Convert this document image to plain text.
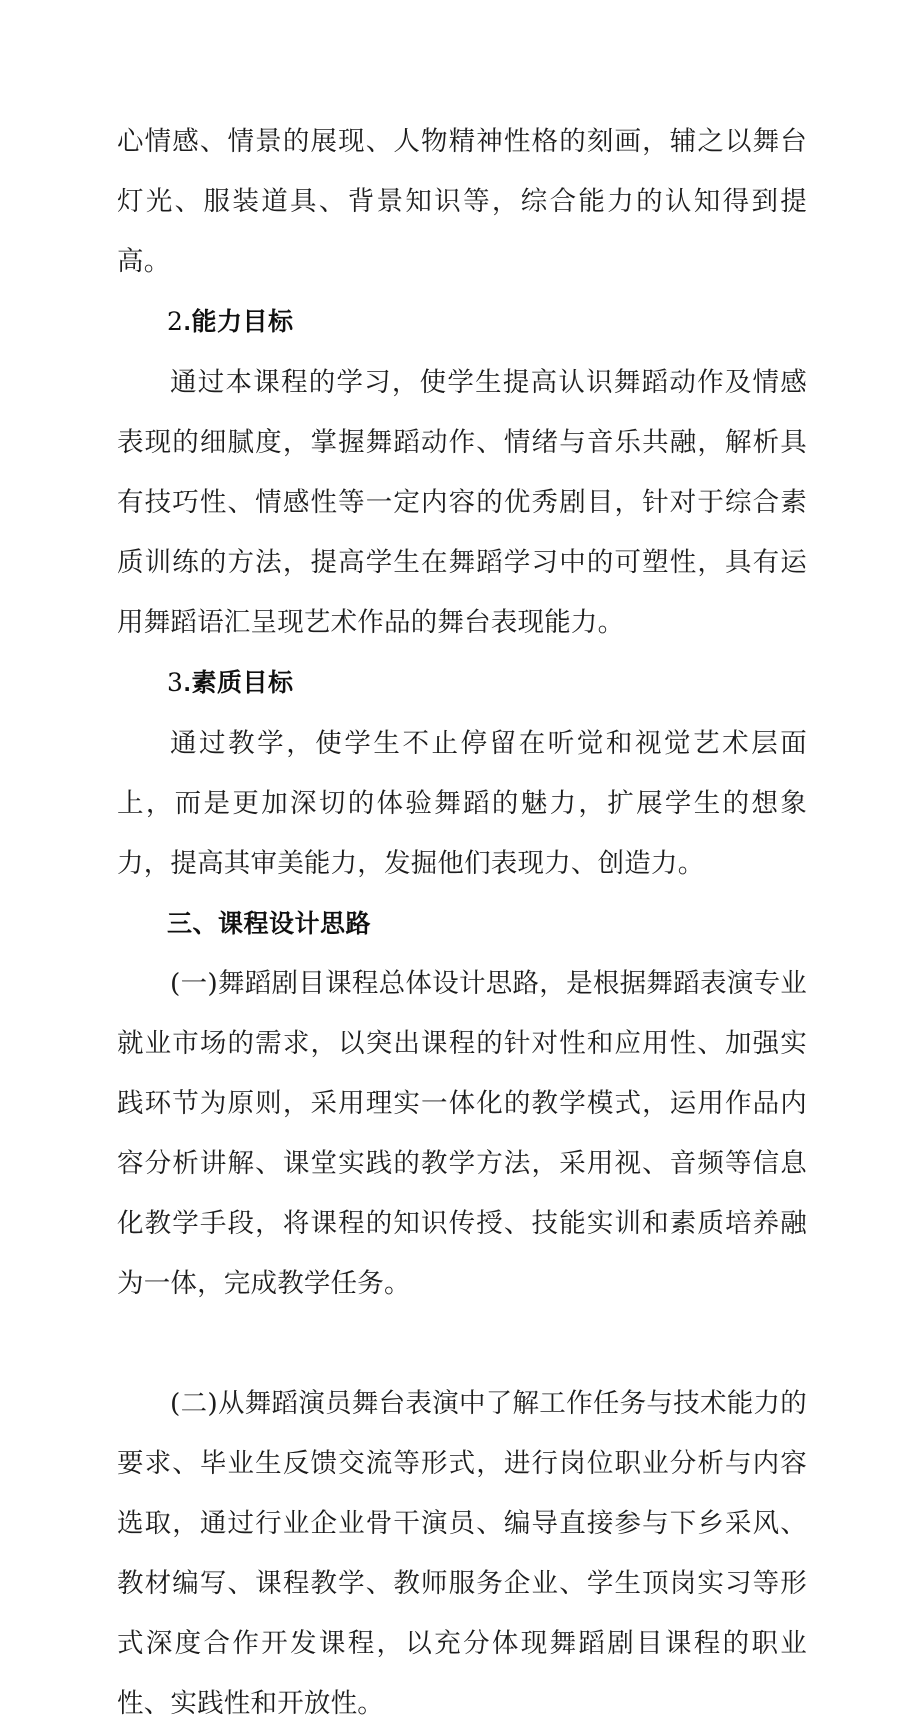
心情感、情景的展现、人物精神性格的刻画，辅之以舞台灯光、服装道具、背景知识等，综合能力的认知得到提高。

2.能力目标

通过本课程的学习，使学生提高认识舞蹈动作及情感表现的细腻度，掌握舞蹈动作、情绪与音乐共融，解析具有技巧性、情感性等一定内容的优秀剧目，针对于综合素质训练的方法，提高学生在舞蹈学习中的可塑性，具有运用舞蹈语汇呈现艺术作品的舞台表现能力。

3.素质目标

通过教学，使学生不止停留在听觉和视觉艺术层面上，而是更加深切的体验舞蹈的魅力，扩展学生的想象力，提高其审美能力，发掘他们表现力、创造力。

三、课程设计思路

(一)舞蹈剧目课程总体设计思路，是根据舞蹈表演专业就业市场的需求，以突出课程的针对性和应用性、加强实践环节为原则，采用理实一体化的教学模式，运用作品内容分析讲解、课堂实践的教学方法，采用视、音频等信息化教学手段，将课程的知识传授、技能实训和素质培养融为一体，完成教学任务。

(二)从舞蹈演员舞台表演中了解工作任务与技术能力的要求、毕业生反馈交流等形式，进行岗位职业分析与内容选取，通过行业企业骨干演员、编导直接参与下乡采风、教材编写、课程教学、教师服务企业、学生顶岗实习等形式深度合作开发课程，以充分体现舞蹈剧目课程的职业性、实践性和开放性。
